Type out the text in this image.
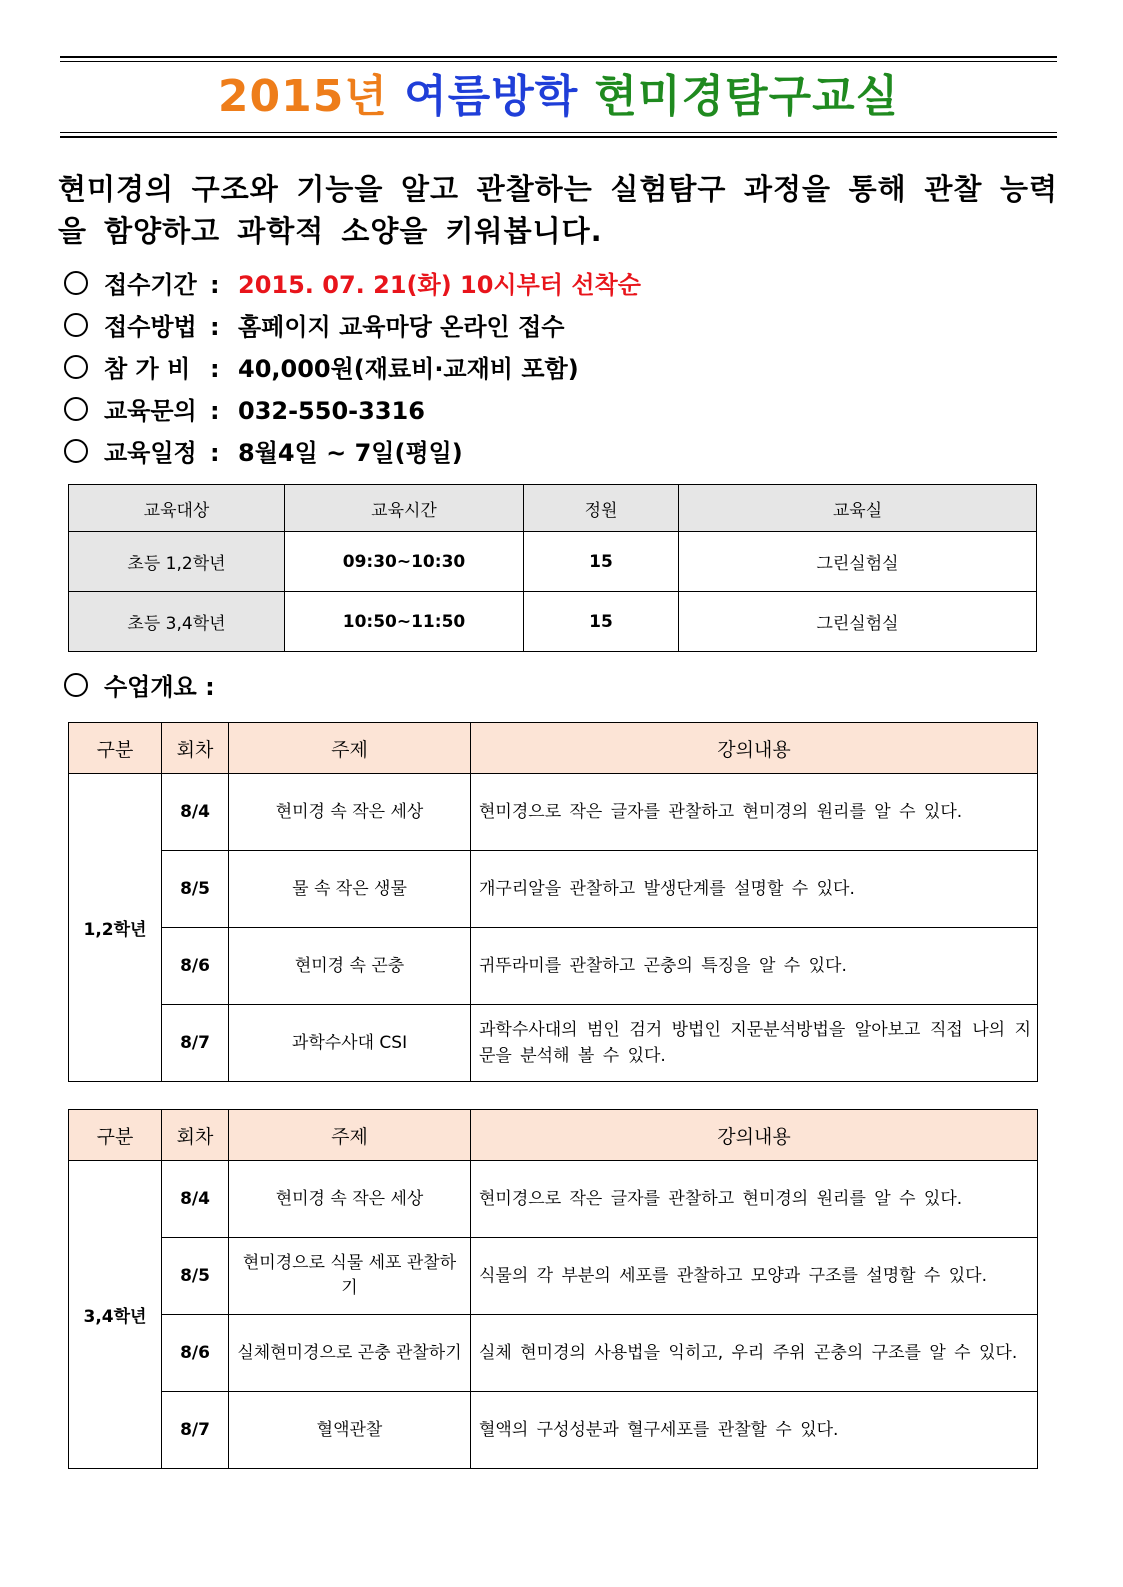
2015년 여름방학 현미경탐구교실
현미경의 구조와 기능을 알고 관찰하는 실험탐구 과정을 통해 관찰 능력을 함양하고 과학적 소양을 키워봅니다.
접수기간 : 2015. 07. 21(화) 10시부터 선착순
접수방법 : 홈페이지 교육마당 온라인 접수
참 가 비 : 40,000원(재료비·교재비 포함)
교육문의 : 032-550-3316
교육일정 : 8월4일 ~ 7일(평일)
교육대상	교육시간	정원	교육실
초등 1,2학년	09:30~10:30	15	그린실험실
초등 3,4학년	10:50~11:50	15	그린실험실
수업개요 :
구분	회차	주제	강의내용
1,2학년	8/4	현미경 속 작은 세상	현미경으로 작은 글자를 관찰하고 현미경의 원리를 알 수 있다.
	8/5	물 속 작은 생물	개구리알을 관찰하고 발생단계를 설명할 수 있다.
	8/6	현미경 속 곤충	귀뚜라미를 관찰하고 곤충의 특징을 알 수 있다.
	8/7	과학수사대 CSI	과학수사대의 범인 검거 방법인 지문분석방법을 알아보고 직접 나의 지문을 분석해 볼 수 있다.
구분	회차	주제	강의내용
3,4학년	8/4	현미경 속 작은 세상	현미경으로 작은 글자를 관찰하고 현미경의 원리를 알 수 있다.
	8/5	현미경으로 식물 세포 관찰하기	식물의 각 부분의 세포를 관찰하고 모양과 구조를 설명할 수 있다.
	8/6	실체현미경으로 곤충 관찰하기	실체 현미경의 사용법을 익히고, 우리 주위 곤충의 구조를 알 수 있다.
	8/7	혈액관찰	혈액의 구성성분과 혈구세포를 관찰할 수 있다.
